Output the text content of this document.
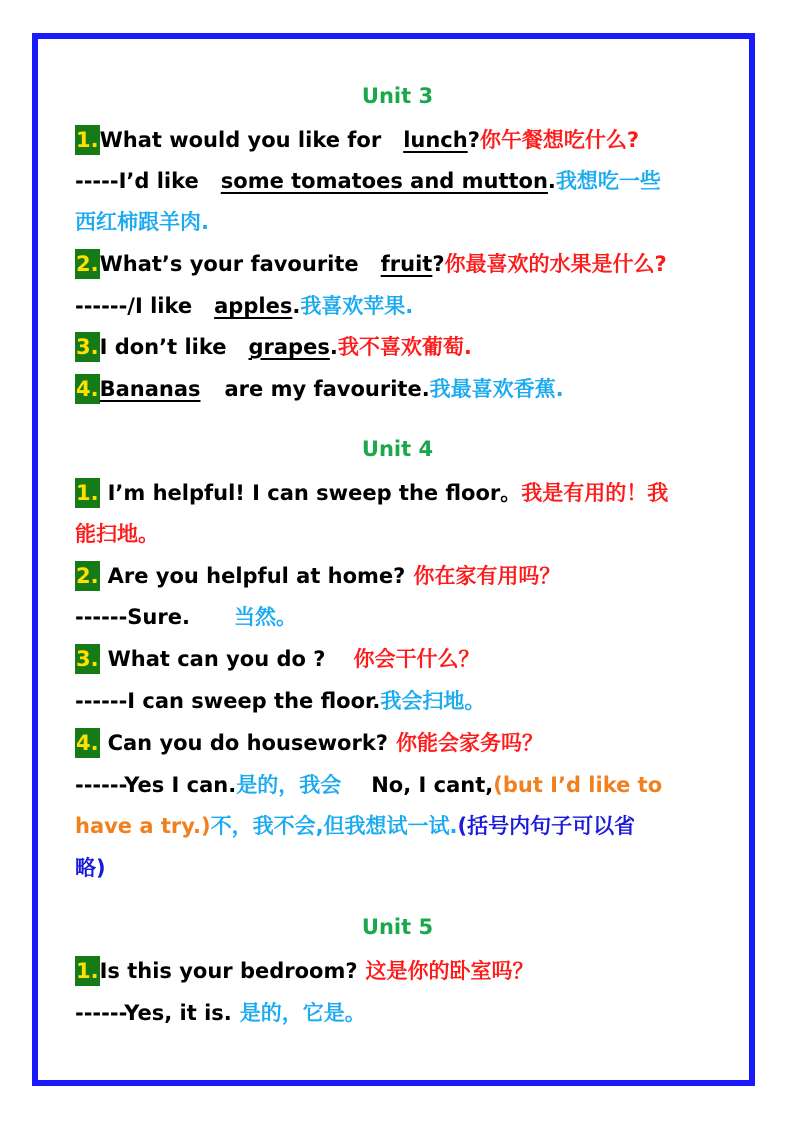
Unit 3
1.What would you like for lunch?你午餐想吃什么?
-----I’d like some tomatoes and mutton.我想吃一些
西红柿跟羊肉.
2.What’s your favourite fruit?你最喜欢的水果是什么?
------/I like apples.我喜欢苹果.
3.I don’t like grapes.我不喜欢葡萄.
4.Bananas are my favourite.我最喜欢香蕉.
Unit 4
1. I’m helpful! I can sweep the floor。我是有用的！我
能扫地。
2. Are you helpful at home? 你在家有用吗？
------Sure. 当然。
3. What can you do ? 你会干什么？
------I can sweep the floor.我会扫地。
4. Can you do housework? 你能会家务吗？
------Yes I can.是的，我会 No, I cant,(but I’d like to
have a try.)不，我不会,但我想试一试.(括号内句子可以省
略)
Unit 5
1.Is this your bedroom? 这是你的卧室吗？
------Yes, it is. 是的，它是。
